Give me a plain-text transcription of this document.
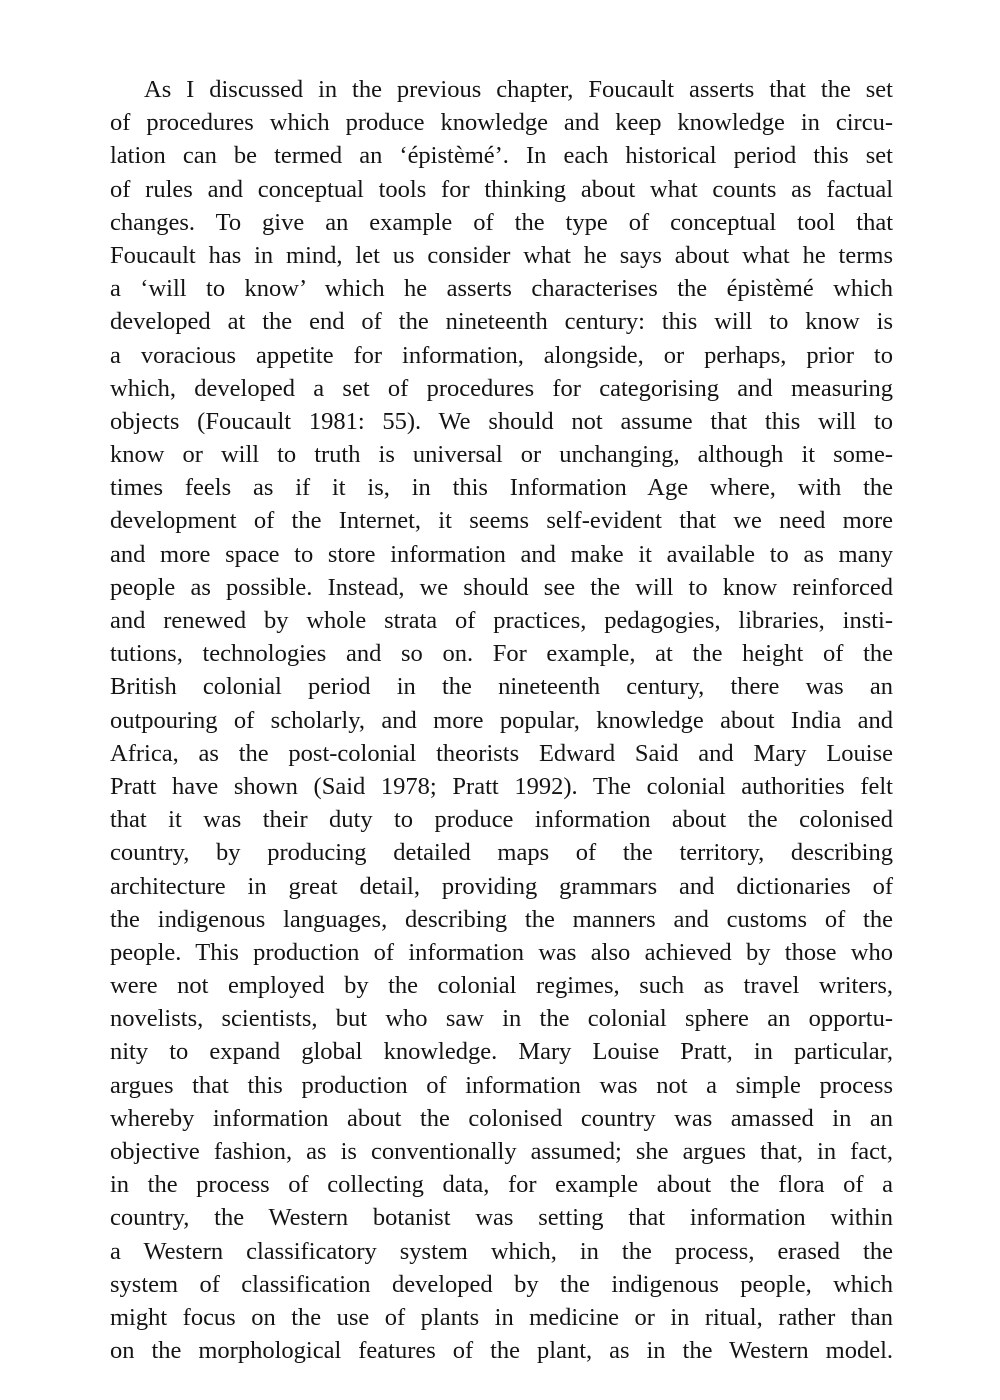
As I discussed in the previous chapter, Foucault asserts that the set
of procedures which produce knowledge and keep knowledge in circu-
lation can be termed an ‘épistèmé’. In each historical period this set
of rules and conceptual tools for thinking about what counts as factual
changes. To give an example of the type of conceptual tool that
Foucault has in mind, let us consider what he says about what he terms
a ‘will to know’ which he asserts characterises the épistèmé which
developed at the end of the nineteenth century: this will to know is
a voracious appetite for information, alongside, or perhaps, prior to
which, developed a set of procedures for categorising and measuring
objects (Foucault 1981: 55). We should not assume that this will to
know or will to truth is universal or unchanging, although it some-
times feels as if it is, in this Information Age where, with the
development of the Internet, it seems self-evident that we need more
and more space to store information and make it available to as many
people as possible. Instead, we should see the will to know reinforced
and renewed by whole strata of practices, pedagogies, libraries, insti-
tutions, technologies and so on. For example, at the height of the
British colonial period in the nineteenth century, there was an
outpouring of scholarly, and more popular, knowledge about India and
Africa, as the post-colonial theorists Edward Said and Mary Louise
Pratt have shown (Said 1978; Pratt 1992). The colonial authorities felt
that it was their duty to produce information about the colonised
country, by producing detailed maps of the territory, describing
architecture in great detail, providing grammars and dictionaries of
the indigenous languages, describing the manners and customs of the
people. This production of information was also achieved by those who
were not employed by the colonial regimes, such as travel writers,
novelists, scientists, but who saw in the colonial sphere an opportu-
nity to expand global knowledge. Mary Louise Pratt, in particular,
argues that this production of information was not a simple process
whereby information about the colonised country was amassed in an
objective fashion, as is conventionally assumed; she argues that, in fact,
in the process of collecting data, for example about the flora of a
country, the Western botanist was setting that information within
a Western classificatory system which, in the process, erased the
system of classification developed by the indigenous people, which
might focus on the use of plants in medicine or in ritual, rather than
on the morphological features of the plant, as in the Western model.
